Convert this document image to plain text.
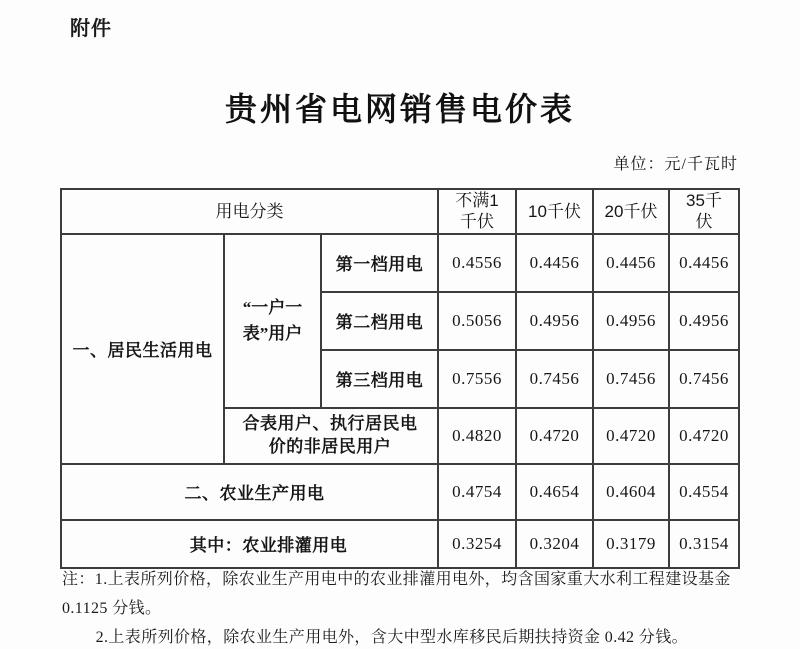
附件
贵州省电网销售电价表
单位：元/千瓦时
用电分类			不满1千伏	10千伏	20千伏	35千伏
一、居民生活用电	“一户一表”用户	第一档用电	0.4556	0.4456	0.4456	0.4456
		第二档用电	0.5056	0.4956	0.4956	0.4956
		第三档用电	0.7556	0.7456	0.7456	0.7456
	合表用户、执行居民电价的非居民用户		0.4820	0.4720	0.4720	0.4720
二、农业生产用电			0.4754	0.4654	0.4604	0.4554
其中：农业排灌用电			0.3254	0.3204	0.3179	0.3154
注：1.上表所列价格，除农业生产用电中的农业排灌用电外，均含国家重大水利工程建设基金 0.1125 分钱。
2.上表所列价格，除农业生产用电外，含大中型水库移民后期扶持资金 0.42 分钱。
